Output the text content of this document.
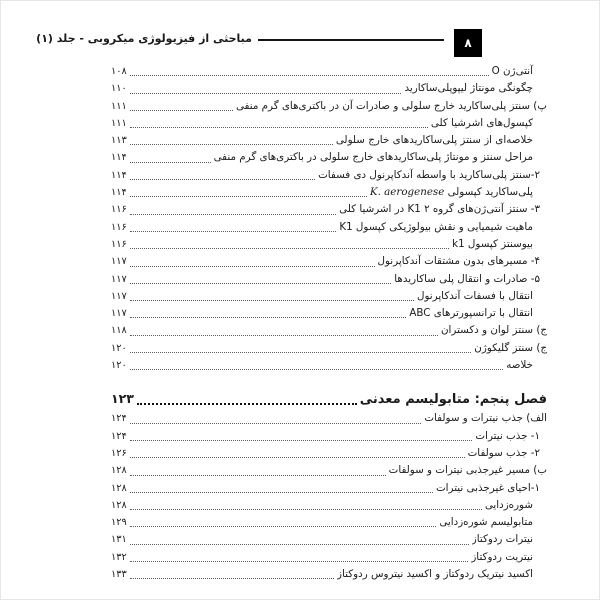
۸
مباحثی از فیزیولوژی میکروبی - جلد (۱)
آنتی‌ژن O
۱۰۸
چگونگی مونتاژ لیپوپلی‌ساکارید
۱۱۰
پ) سنتز پلی‌ساکارید خارج سلولی و صادرات آن در باکتری‌های گرم منفی
۱۱۱
کپسول‌های اشرشیا کلی
۱۱۱
خلاصه‌ای از سنتز پلی‌ساکاریدهای خارج سلولی
۱۱۳
مراحل سنتز و مونتاژ پلی‌ساکاریدهای خارج سلولی در باکتری‌های گرم منفی
۱۱۴
۲-سنتز پلی‌ساکارید با واسطه آندکاپرنول دی فسفات
۱۱۴
پلی‌ساکارید کپسولی K. aerogenese
۱۱۴
۳- سنتز آنتی‌ژن‌های گروه ۲ K1 در اشرشیا کلی
۱۱۶
ماهیت شیمیایی و نقش بیولوژیکی کپسول K1
۱۱۶
بیوسنتز کپسول k1
۱۱۶
۴- مسیرهای بدون مشتقات آندکاپرنول
۱۱۷
۵- صادرات و انتقال پلی ساکاریدها
۱۱۷
انتقال با فسفات آندکاپرنول
۱۱۷
انتقال با ترانسپورترهای ABC
۱۱۷
ج) سنتز لوان و دکستران
۱۱۸
ج) سنتز گلیکوژن
۱۲۰
خلاصه
۱۲۰
فصل پنجم: متابولیسم معدنی
۱۲۳
الف) جذب نیترات و سولفات
۱۲۴
۱- جذب نیترات
۱۲۴
۲- جذب سولفات
۱۲۶
ب) مسیر غیرجذبی نیترات و سولفات
۱۲۸
۱-احیای غیرجذبی نیترات
۱۲۸
شوره‌زدایی
۱۲۸
متابولیسم شوره‌زدایی
۱۲۹
نیترات ردوکتاز
۱۳۱
نیتریت ردوکتاز
۱۳۲
اکسید نیتریک ردوکتاز و اکسید نیتروس ردوکتاز
۱۳۳
